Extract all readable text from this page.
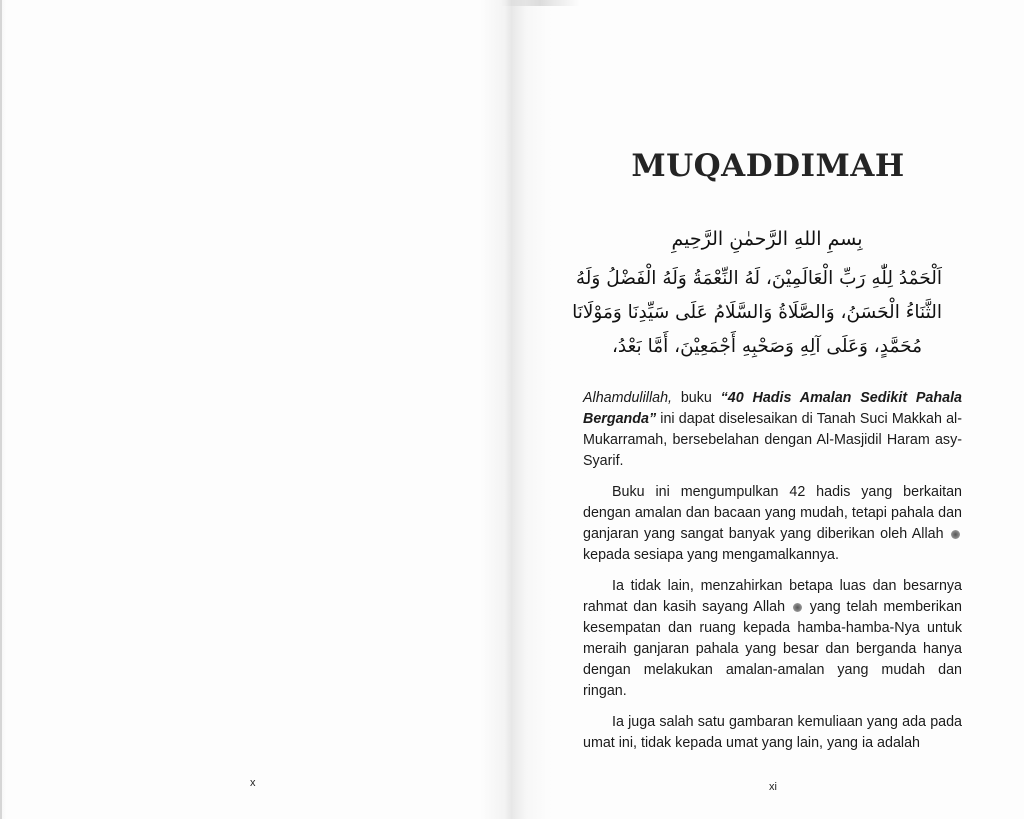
x
MUQADDIMAH
بِسمِ اللهِ الرَّحمٰنِ الرَّحِيمِ
اَلْحَمْدُ لِلّٰهِ رَبِّ الْعَالَمِيْنَ، لَهُ النِّعْمَةُ وَلَهُ الْفَضْلُ وَلَهُ
الثَّنَاءُ الْحَسَنُ، وَالصَّلَاةُ وَالسَّلَامُ عَلَى سَيِّدِنَا وَمَوْلَانَا
مُحَمَّدٍ، وَعَلَى آلِهِ وَصَحْبِهِ أَجْمَعِيْنَ، أَمَّا بَعْدُ،

Alhamdulillah, buku “40 Hadis Amalan Sedikit Pahala Berganda” ini dapat diselesaikan di Tanah Suci Makkah al-Mukarramah, bersebelahan dengan Al-Masjidil Haram asy-Syarif.

Buku ini mengumpulkan 42 hadis yang berkaitan dengan amalan dan bacaan yang mudah, tetapi pahala dan ganjaran yang sangat banyak yang diberikan oleh Allah  kepada sesiapa yang mengamalkannya.

Ia tidak lain, menzahirkan betapa luas dan besarnya rahmat dan kasih sayang Allah  yang telah memberikan kesempatan dan ruang kepada hamba-hamba-Nya untuk meraih ganjaran pahala yang besar dan berganda hanya dengan melakukan amalan-amalan yang mudah dan ringan.

Ia juga salah satu gambaran kemuliaan yang ada pada umat ini, tidak kepada umat yang lain, yang ia adalah

xi
